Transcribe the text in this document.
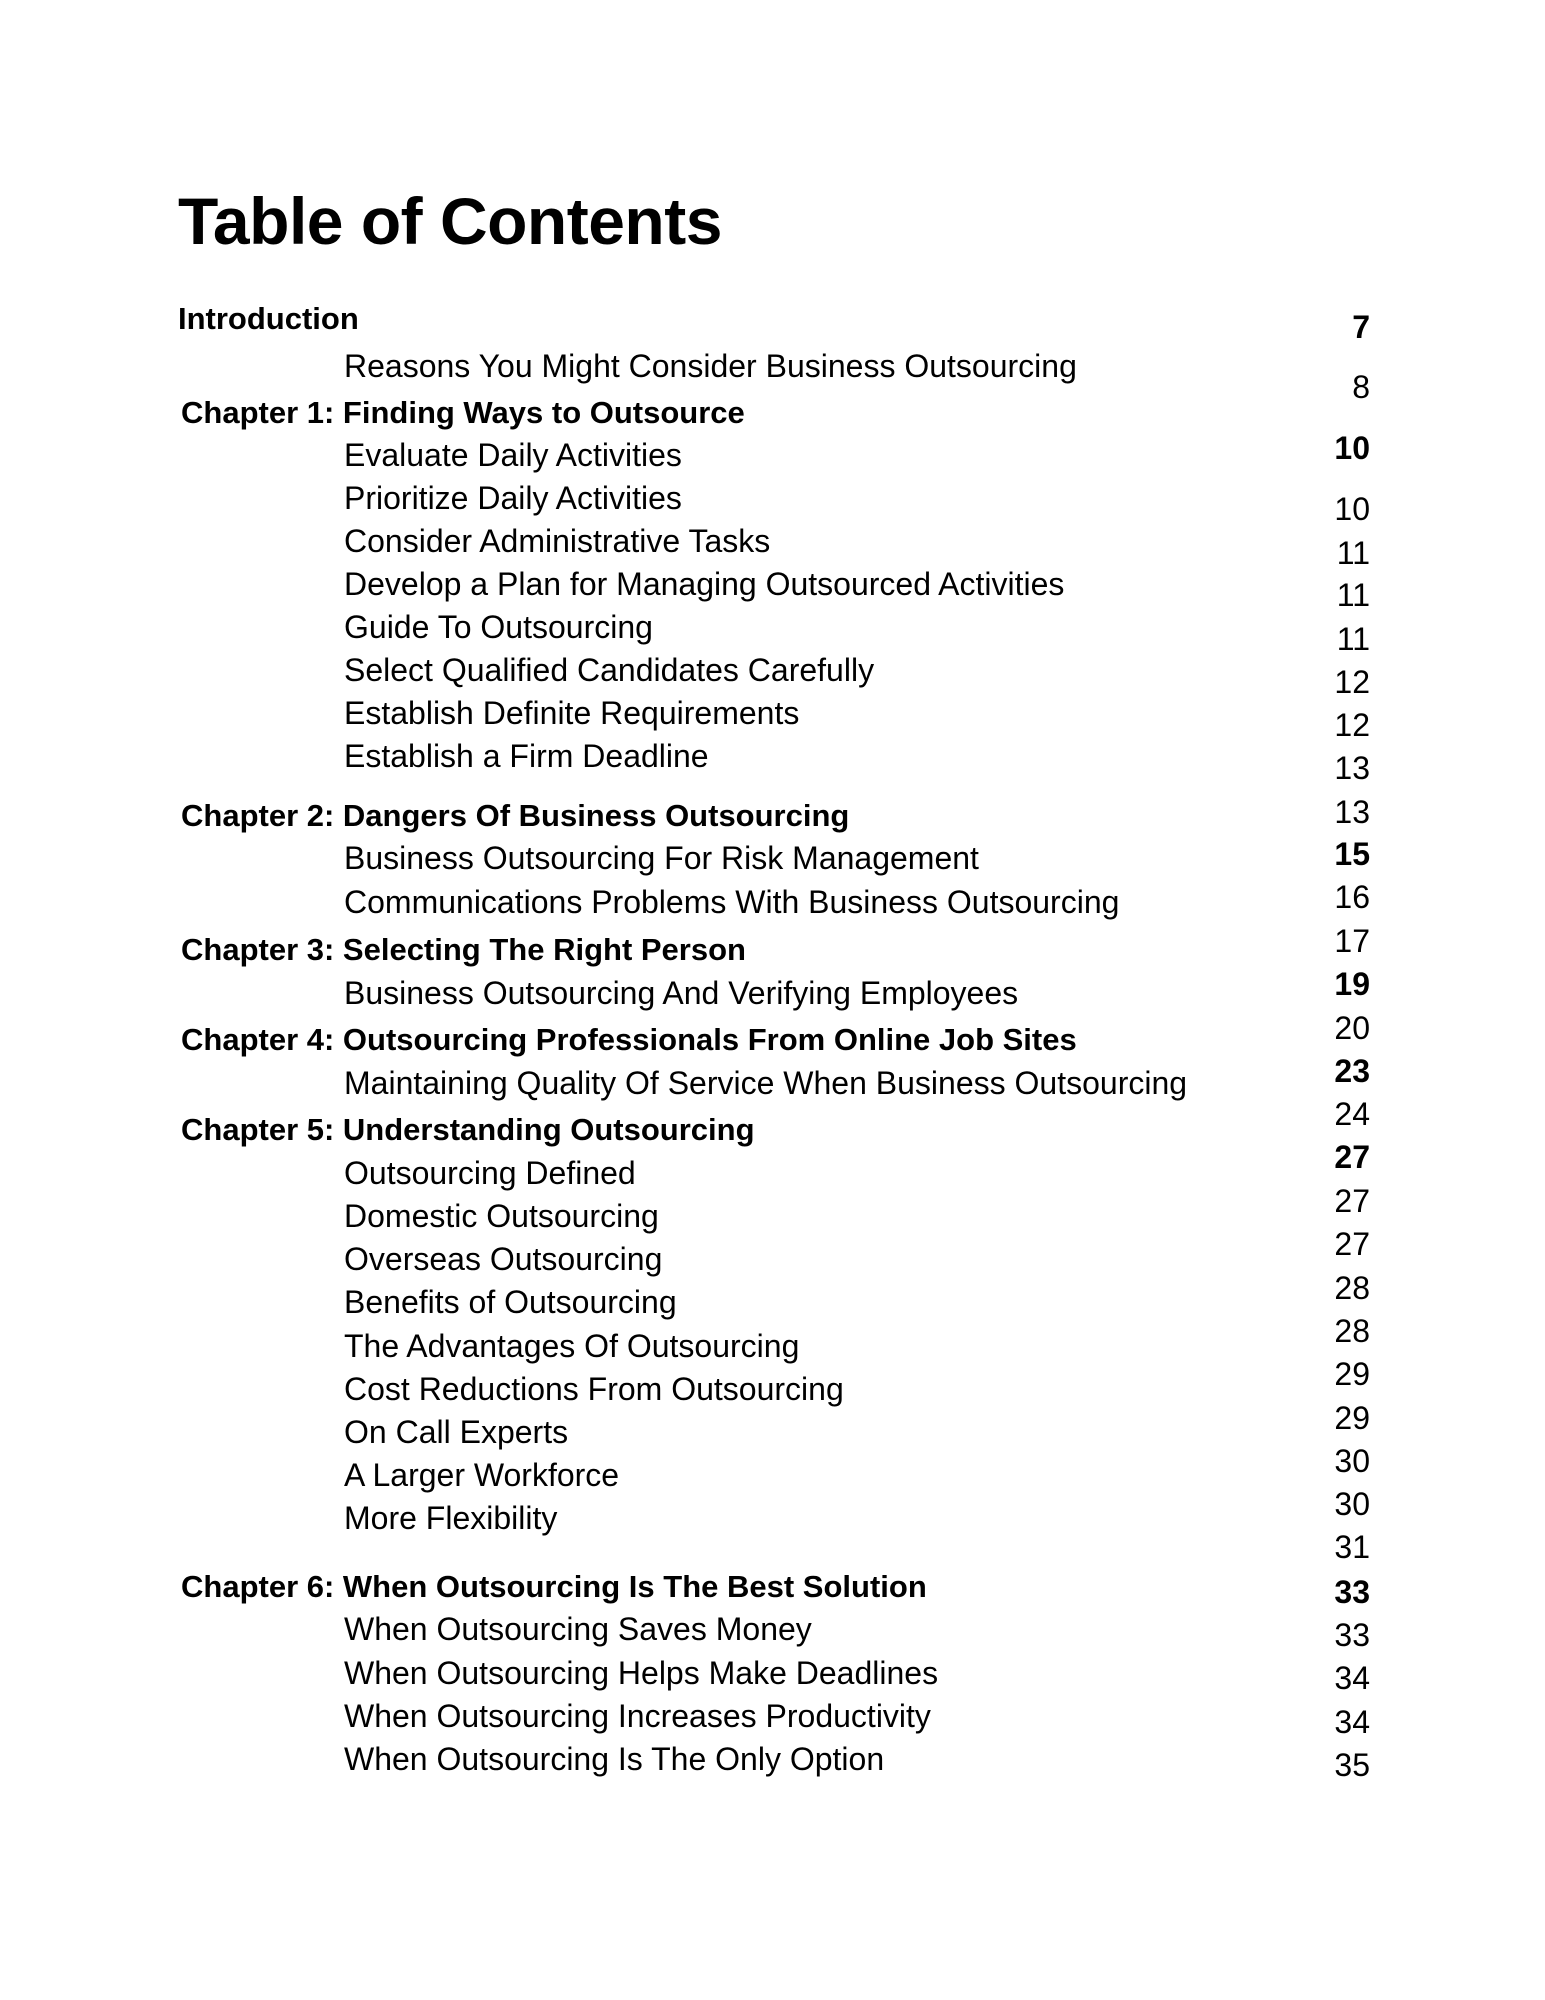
Table of Contents
Introduction
Reasons You Might Consider Business Outsourcing
Chapter 1: Finding Ways to Outsource
Evaluate Daily Activities
Prioritize Daily Activities
Consider Administrative Tasks
Develop a Plan for Managing Outsourced Activities
Guide To Outsourcing
Select Qualified Candidates Carefully
Establish Definite Requirements
Establish a Firm Deadline
Chapter 2: Dangers Of Business Outsourcing
Business Outsourcing For Risk Management
Communications Problems With Business Outsourcing
Chapter 3: Selecting The Right Person
Business Outsourcing And Verifying Employees
Chapter 4: Outsourcing Professionals From Online Job Sites
Maintaining Quality Of Service When Business Outsourcing
Chapter 5: Understanding Outsourcing
Outsourcing Defined
Domestic Outsourcing
Overseas Outsourcing
Benefits of Outsourcing
The Advantages Of Outsourcing
Cost Reductions From Outsourcing
On Call Experts
A Larger Workforce
More Flexibility
Chapter 6: When Outsourcing Is The Best Solution
When Outsourcing Saves Money
When Outsourcing Helps Make Deadlines
When Outsourcing Increases Productivity
When Outsourcing Is The Only Option
7
8
10
10
11
11
11
12
12
13
13
15
16
17
19
20
23
24
27
27
27
28
28
29
29
30
30
31
33
33
34
34
35
